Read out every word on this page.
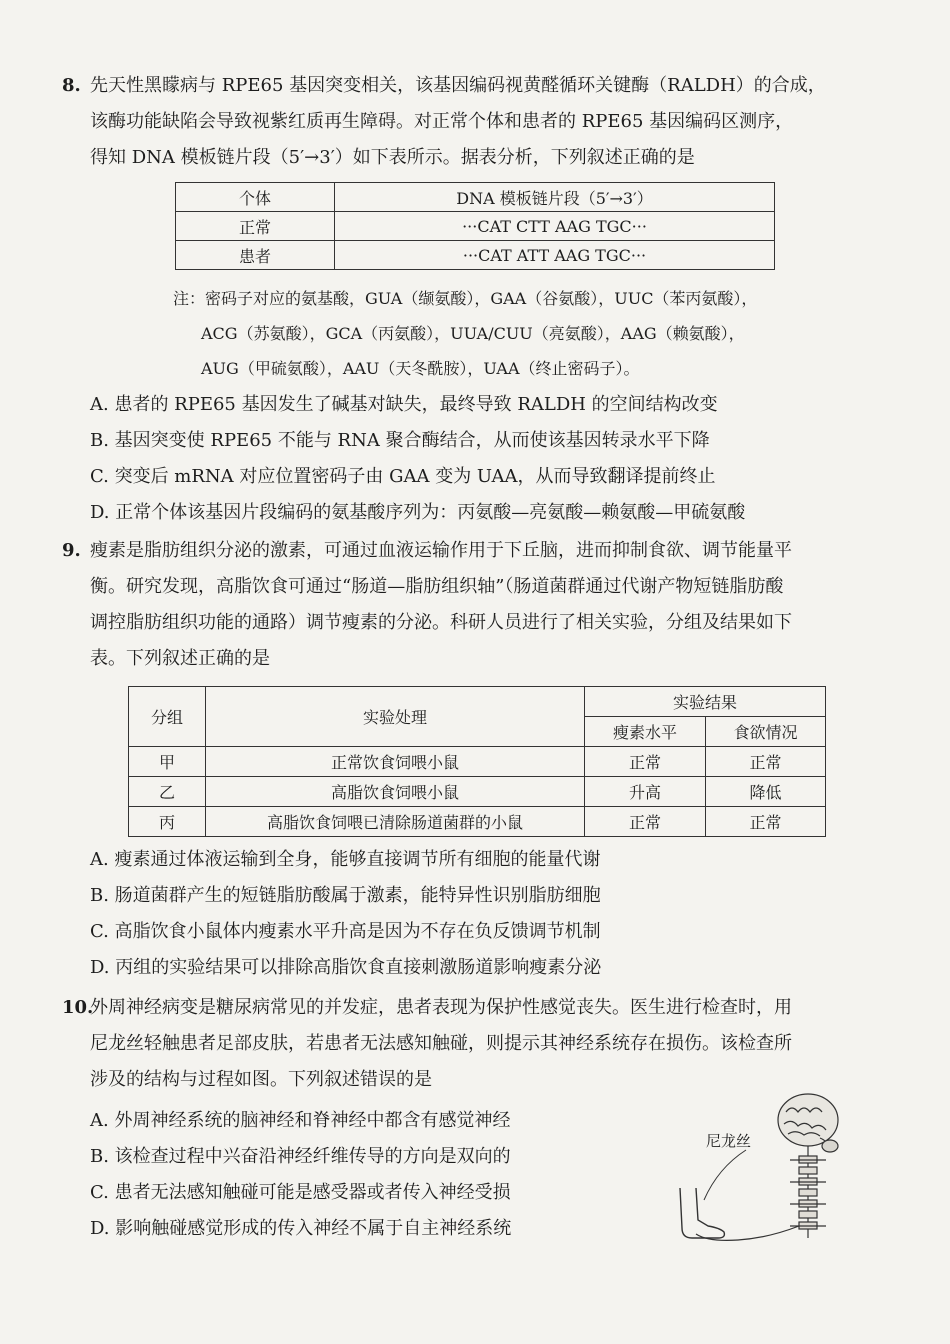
8. 先天性黑矇病与 RPE65 基因突变相关，该基因编码视黄醛循环关键酶（RALDH）的合成，
该酶功能缺陷会导致视紫红质再生障碍。对正常个体和患者的 RPE65 基因编码区测序，
得知 DNA 模板链片段（5′→3′）如下表所示。据表分析，下列叙述正确的是
个体	DNA 模板链片段（5′→3′）
正常	···CAT CTT AAG TGC···
患者	···CAT ATT AAG TGC···
注：密码子对应的氨基酸，GUA（缬氨酸），GAA（谷氨酸），UUC（苯丙氨酸），
ACG（苏氨酸），GCA（丙氨酸），UUA/CUU（亮氨酸），AAG（赖氨酸），
AUG（甲硫氨酸），AAU（天冬酰胺），UAA（终止密码子）。
A. 患者的 RPE65 基因发生了碱基对缺失，最终导致 RALDH 的空间结构改变
B. 基因突变使 RPE65 不能与 RNA 聚合酶结合，从而使该基因转录水平下降
C. 突变后 mRNA 对应位置密码子由 GAA 变为 UAA，从而导致翻译提前终止
D. 正常个体该基因片段编码的氨基酸序列为：丙氨酸—亮氨酸—赖氨酸—甲硫氨酸
9. 瘦素是脂肪组织分泌的激素，可通过血液运输作用于下丘脑，进而抑制食欲、调节能量平
衡。研究发现，高脂饮食可通过“肠道—脂肪组织轴”（肠道菌群通过代谢产物短链脂肪酸
调控脂肪组织功能的通路）调节瘦素的分泌。科研人员进行了相关实验，分组及结果如下
表。下列叙述正确的是
分组	实验处理	实验结果	
		瘦素水平	食欲情况
甲	正常饮食饲喂小鼠	正常	正常
乙	高脂饮食饲喂小鼠	升高	降低
丙	高脂饮食饲喂已清除肠道菌群的小鼠	正常	正常
A. 瘦素通过体液运输到全身，能够直接调节所有细胞的能量代谢
B. 肠道菌群产生的短链脂肪酸属于激素，能特异性识别脂肪细胞
C. 高脂饮食小鼠体内瘦素水平升高是因为不存在负反馈调节机制
D. 丙组的实验结果可以排除高脂饮食直接刺激肠道影响瘦素分泌
10.外周神经病变是糖尿病常见的并发症，患者表现为保护性感觉丧失。医生进行检查时，用
尼龙丝轻触患者足部皮肤，若患者无法感知触碰，则提示其神经系统存在损伤。该检查所
涉及的结构与过程如图。下列叙述错误的是
A. 外周神经系统的脑神经和脊神经中都含有感觉神经
B. 该检查过程中兴奋沿神经纤维传导的方向是双向的
C. 患者无法感知触碰可能是感受器或者传入神经受损
D. 影响触碰感觉形成的传入神经不属于自主神经系统
尼龙丝
